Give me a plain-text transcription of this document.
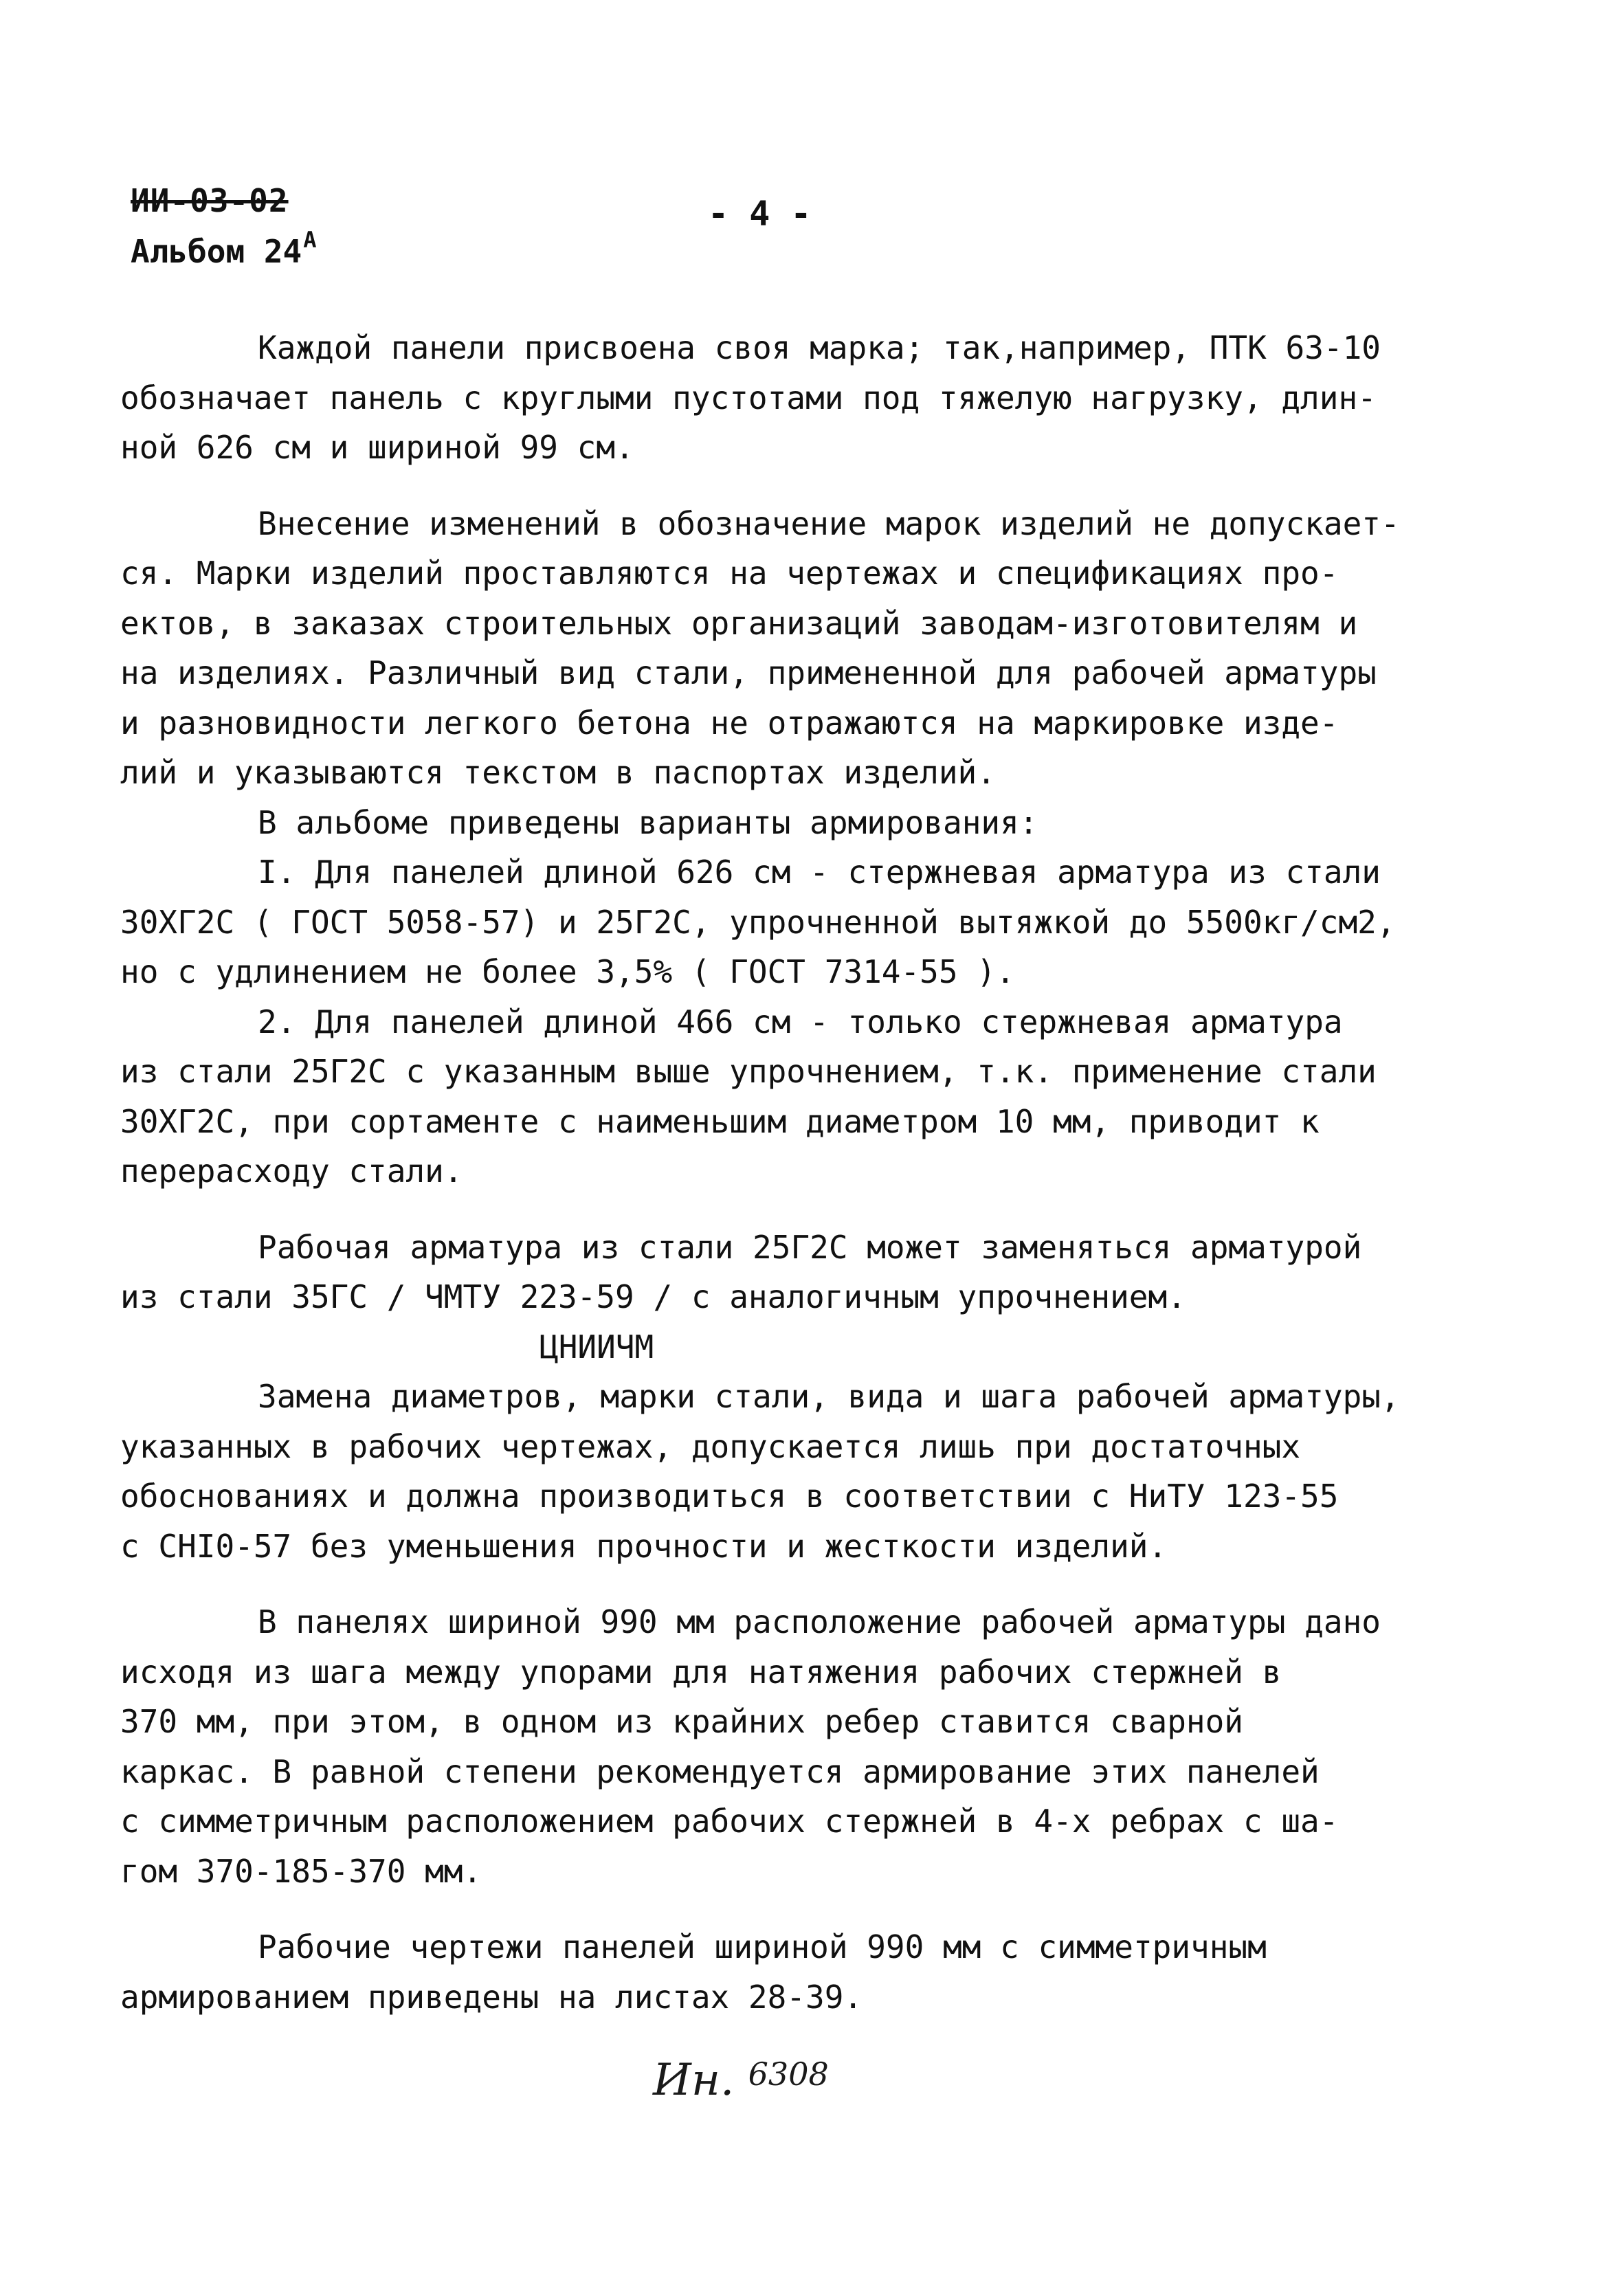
ИИ-03-02
Альбом $24^А$
- 4 -
Каждой панели присвоена своя марка; так,например, ПТК 63-10
обозначает панель с круглыми пустотами под тяжелую нагрузку, длин-
ной 626 см и шириной 99 см.
Внесение изменений в обозначение марок изделий не допускает-
ся. Марки изделий проставляются на чертежах и спецификациях про-
ектов, в заказах строительных организаций заводам-изготовителям и
на изделиях. Различный вид стали, примененной для рабочей арматуры
и разновидности легкого бетона не отражаются на маркировке изде-
лий и указываются текстом в паспортах изделий.
В альбоме приведены варианты армирования:
I. Для панелей длиной 626 см - стержневая арматура из стали
30ХГ2С ( ГОСТ 5058-57) и 25Г2С, упрочненной вытяжкой до 5500кг/см2,
но с удлинением не более 3,5% ( ГОСТ 7314-55 ).
2. Для панелей длиной 466 см - только стержневая арматура
из стали 25Г2С с указанным выше упрочнением, т.к. применение стали
30ХГ2С, при сортаменте с наименьшим диаметром 10 мм, приводит к
перерасходу стали.
Рабочая арматура из стали 25Г2С может заменяться арматурой
из стали 35ГС / ЧМТУ 223-59 / с аналогичным упрочнением.
ЦНИИЧМ
Замена диаметров, марки стали, вида и шага рабочей арматуры,
указанных в рабочих чертежах, допускается лишь при достаточных
обоснованиях и должна производиться в соответствии с НиТУ 123-55
с СНI0-57 без уменьшения прочности и жесткости изделий.
В панелях шириной 990 мм расположение рабочей арматуры дано
исходя из шага между упорами для натяжения рабочих стержней в
370 мм, при этом, в одном из крайних ребер ставится сварной
каркас. В равной степени рекомендуется армирование этих панелей
с симметричным расположением рабочих стержней в 4-х ребрах с ша-
гом 370-185-370 мм.
Рабочие чертежи панелей шириной 990 мм с симметричным
армированием приведены на листах 28-39.
Ин. $^{6308}$
